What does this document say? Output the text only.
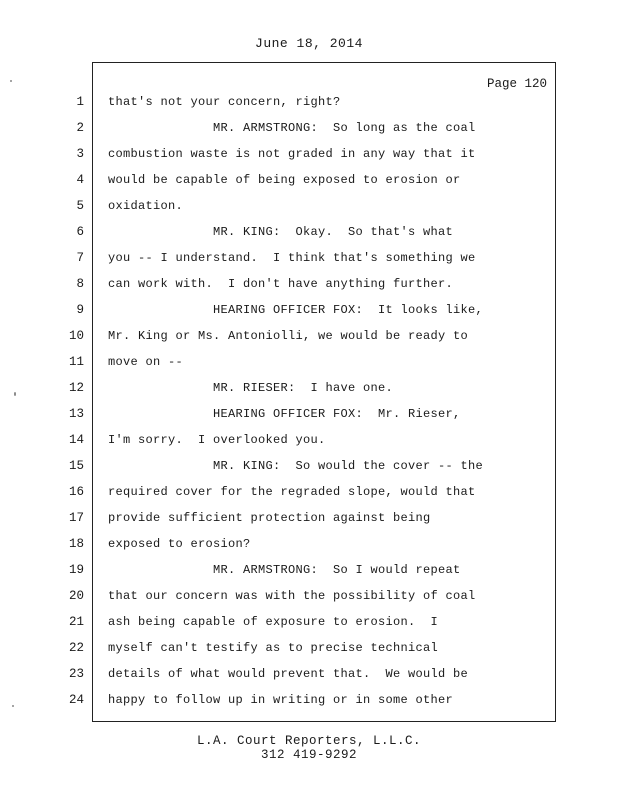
June 18, 2014
Page 120
1
2
3
4
5
6
7
8
9
10
11
12
13
14
15
16
17
18
19
20
21
22
23
24
that's not your concern, right?
MR. ARMSTRONG:  So long as the coal
combustion waste is not graded in any way that it
would be capable of being exposed to erosion or
oxidation.
MR. KING:  Okay.  So that's what
you -- I understand.  I think that's something we
can work with.  I don't have anything further.
HEARING OFFICER FOX:  It looks like,
Mr. King or Ms. Antoniolli, we would be ready to
move on --
MR. RIESER:  I have one.
HEARING OFFICER FOX:  Mr. Rieser,
I'm sorry.  I overlooked you.
MR. KING:  So would the cover -- the
required cover for the regraded slope, would that
provide sufficient protection against being
exposed to erosion?
MR. ARMSTRONG:  So I would repeat
that our concern was with the possibility of coal
ash being capable of exposure to erosion.  I
myself can't testify as to precise technical
details of what would prevent that.  We would be
happy to follow up in writing or in some other
L.A. Court Reporters, L.L.C.
312 419-9292
